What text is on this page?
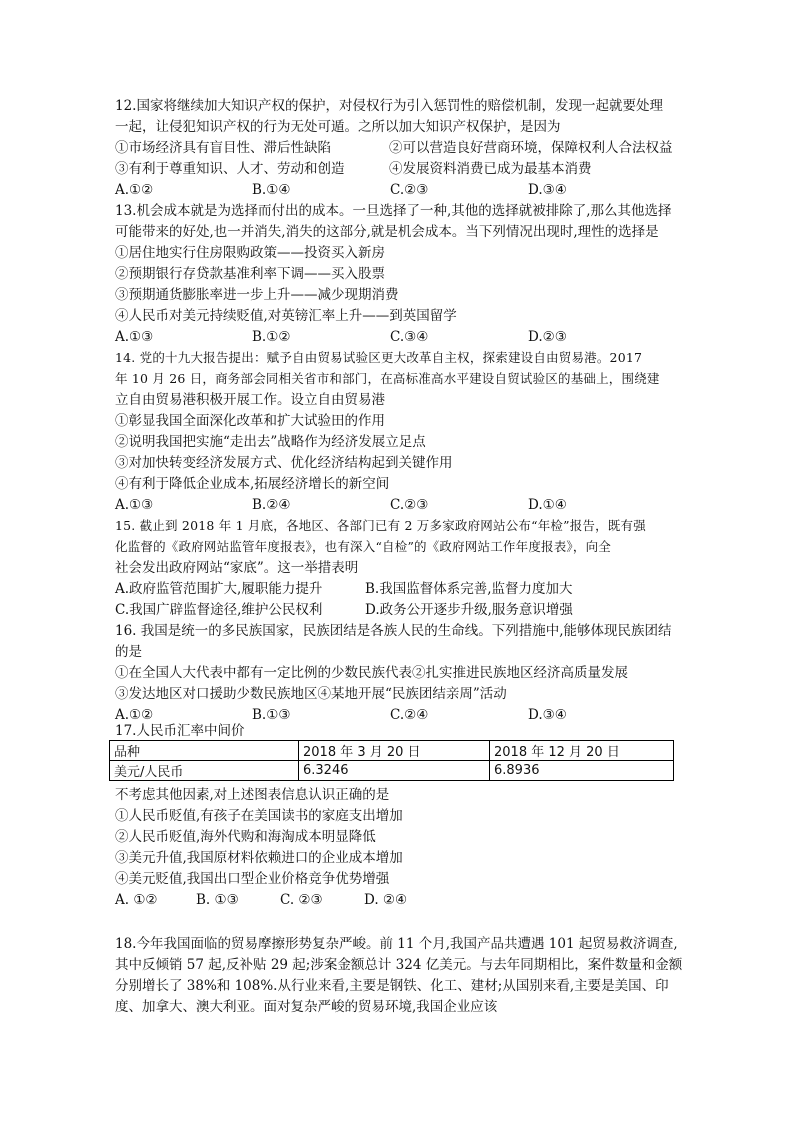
12.国家将继续加大知识产权的保护，对侵权行为引入惩罚性的赔偿机制，发现一起就要处理
一起，让侵犯知识产权的行为无处可遁。之所以加大知识产权保护，是因为
①市场经济具有盲目性、滞后性缺陷	②可以营造良好营商环境，保障权利人合法权益
③有利于尊重知识、人才、劳动和创造	④发展资料消费已成为最基本消费
A.①②	B.①④	C.②③	D.③④
13.机会成本就是为选择而付出的成本。一旦选择了一种,其他的选择就被排除了,那么其他选择
可能带来的好处,也一并消失,消失的这部分,就是机会成本。当下列情况出现时,理性的选择是
①居住地实行住房限购政策——投资买入新房
②预期银行存贷款基准利率下调——买入股票
③预期通货膨胀率进一步上升——减少现期消费
④人民币对美元持续贬值,对英镑汇率上升——到英国留学
A.①③	B.①②	C.③④	D.②③
14. 党的十九大报告提出：赋予自由贸易试验区更大改革自主权，探索建设自由贸易港。2017
年 10 月 26 日，商务部会同相关省市和部门，在高标准高水平建设自贸试验区的基础上，围绕建
立自由贸易港积极开展工作。设立自由贸易港
①彰显我国全面深化改革和扩大试验田的作用
②说明我国把实施“走出去”战略作为经济发展立足点
③对加快转变经济发展方式、优化经济结构起到关键作用
④有利于降低企业成本,拓展经济增长的新空间
A.①③	B.②④	C.②③	D.①④
15. 截止到 2018 年 1 月底，各地区、各部门已有 2 万多家政府网站公布“年检”报告，既有强
化监督的《政府网站监管年度报表》，也有深入“自检”的《政府网站工作年度报表》，向全
社会发出政府网站“家底”。这一举措表明
A.政府监管范围扩大,履职能力提升	B.我国监督体系完善,监督力度加大
C.我国广辟监督途径,维护公民权利	D.政务公开逐步升级,服务意识增强
16. 我国是统一的多民族国家，民族团结是各族人民的生命线。下列措施中,能够体现民族团结
的是
①在全国人大代表中都有一定比例的少数民族代表②扎实推进民族地区经济高质量发展
③发达地区对口援助少数民族地区④某地开展“民族团结亲周”活动
A.①②	B.①③	C.②④	D.③④
17.人民币汇率中间价
品种	2018 年 3 月 20 日	2018 年 12 月 20 日
美元/人民币	6.3246	6.8936
不考虑其他因素,对上述图表信息认识正确的是
①人民币贬值,有孩子在美国读书的家庭支出增加
②人民币贬值,海外代购和海淘成本明显降低
③美元升值,我国原材料依赖进口的企业成本增加
④美元贬值,我国出口型企业价格竞争优势增强
A. ①②	B. ①③	C. ②③	D. ②④
18.今年我国面临的贸易摩擦形势复杂严峻。前 11 个月,我国产品共遭遇 101 起贸易救济调查,
其中反倾销 57 起,反补贴 29 起;涉案金额总计 324 亿美元。与去年同期相比，案件数量和金额
分别增长了 38%和 108%.从行业来看,主要是钢铁、化工、建材;从国别来看,主要是美国、印
度、加拿大、澳大利亚。面对复杂严峻的贸易环境,我国企业应该
